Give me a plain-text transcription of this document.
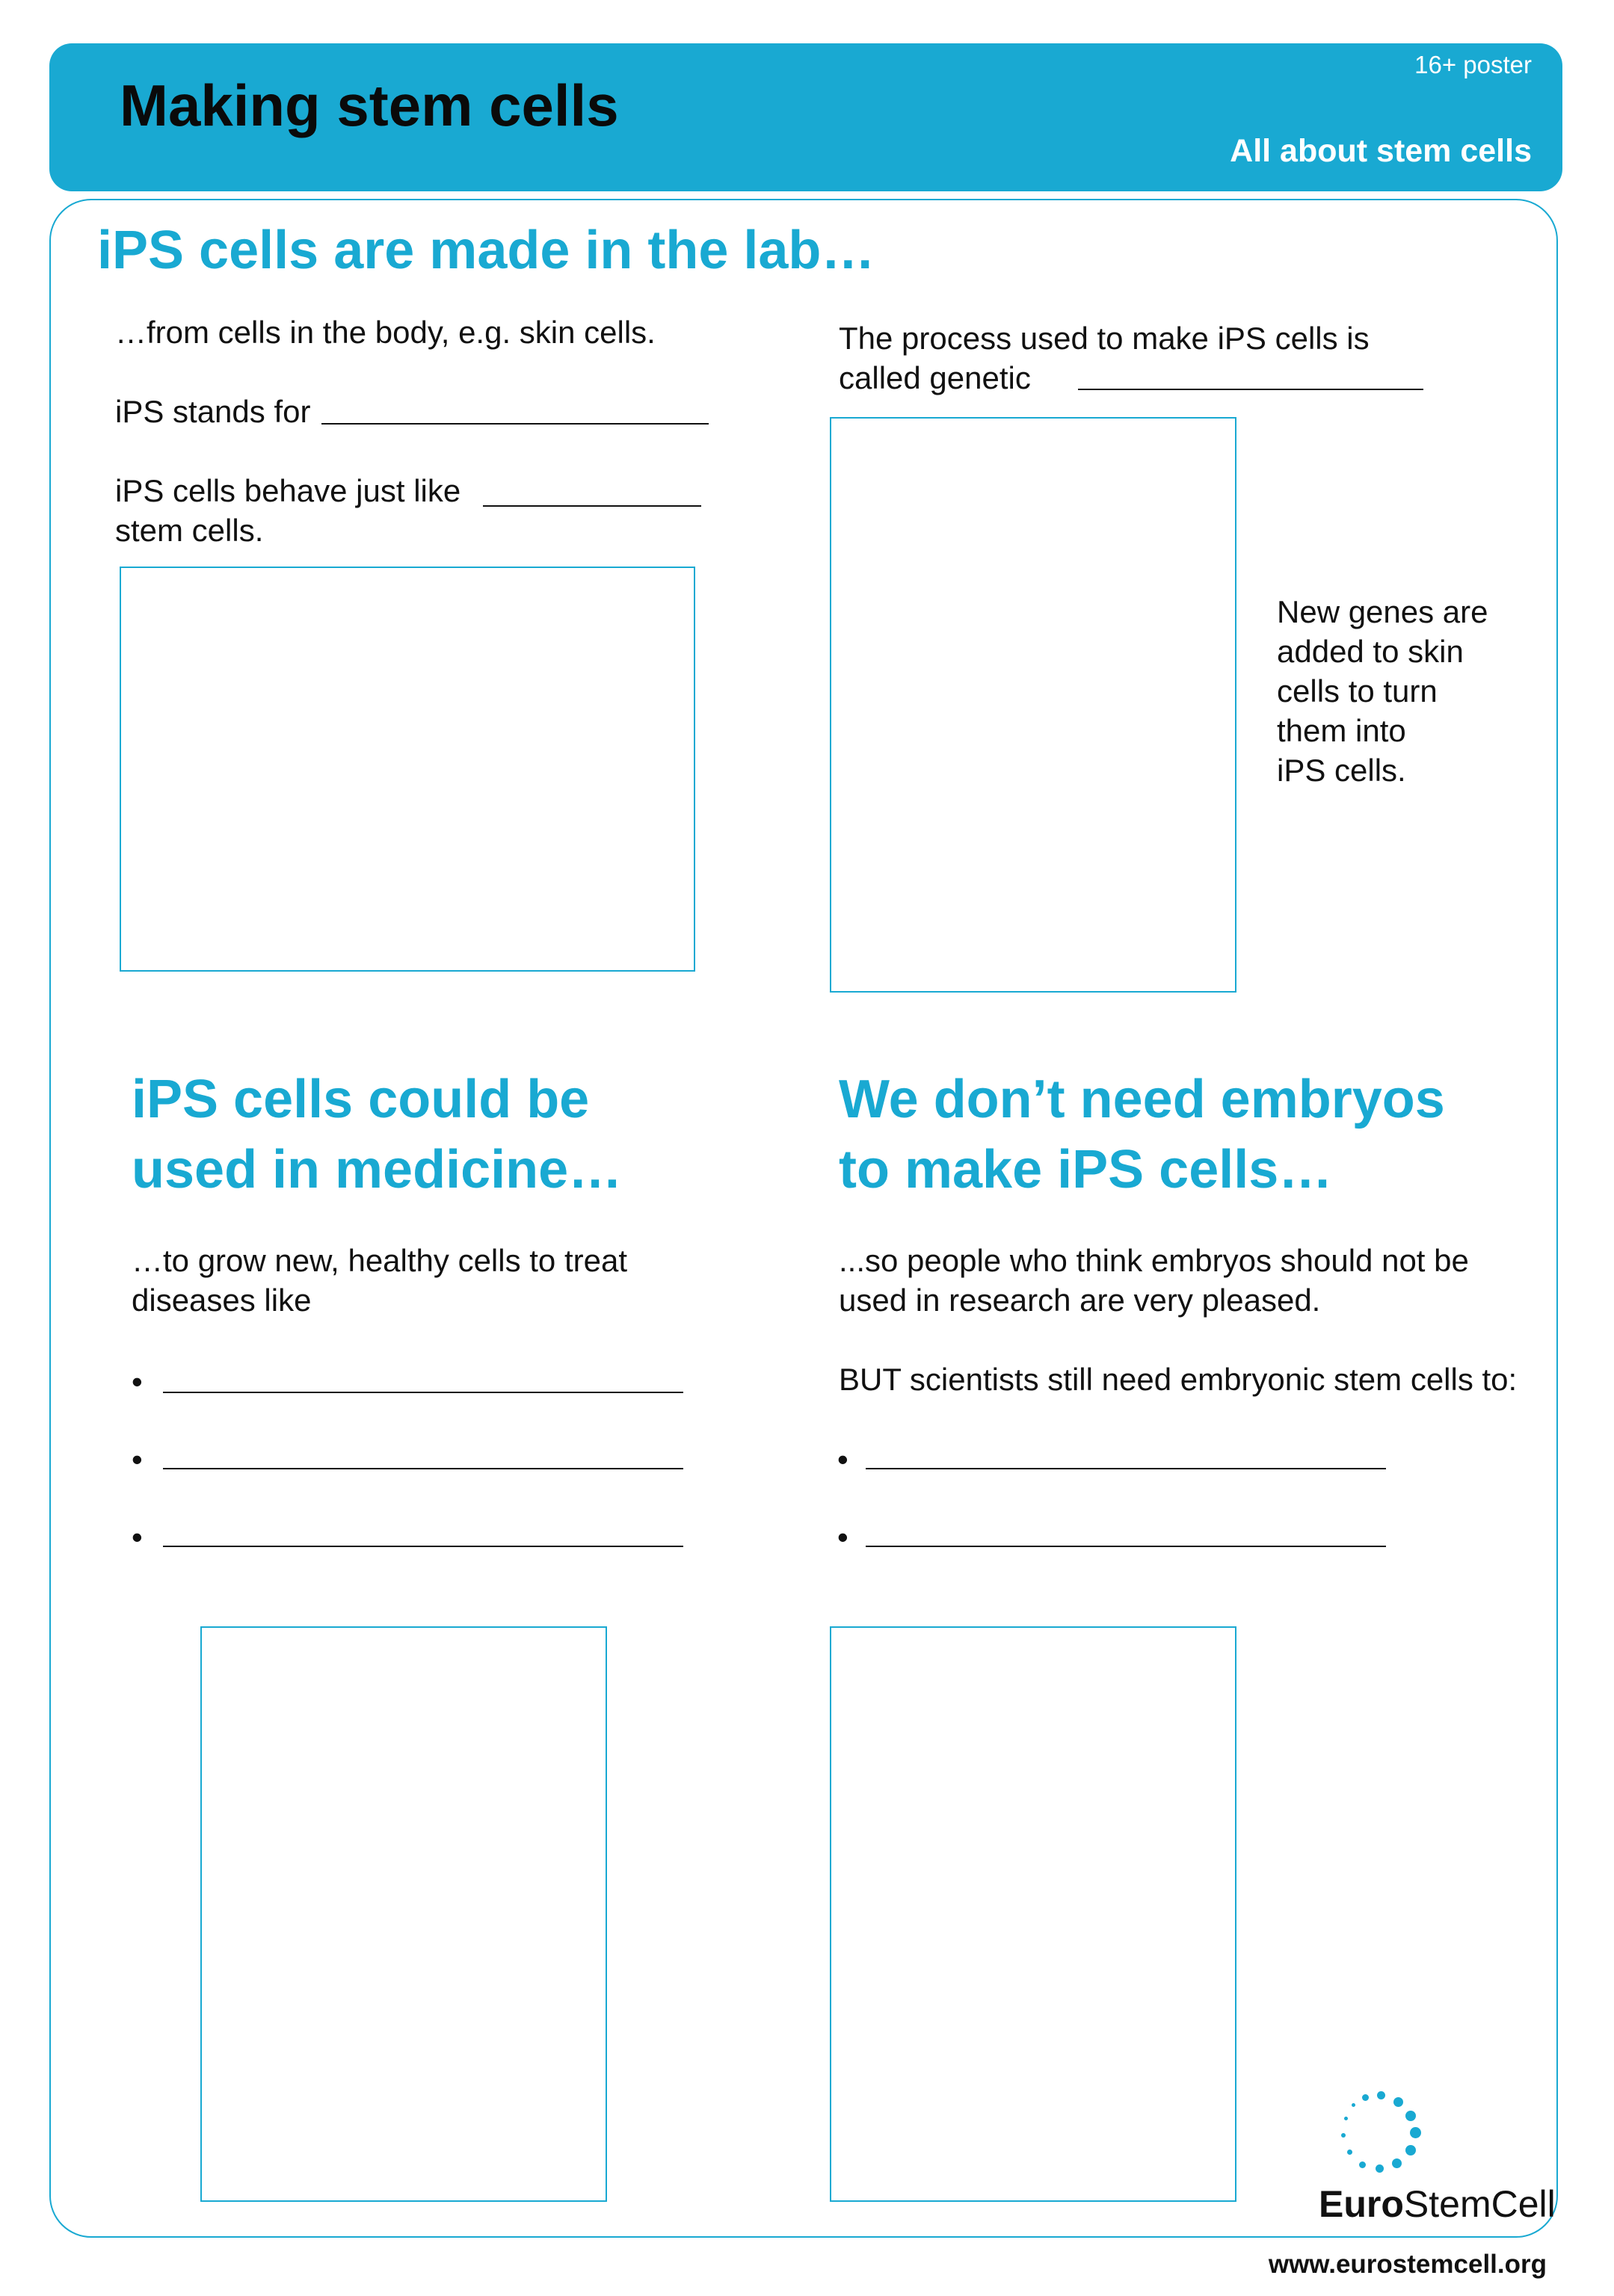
Making stem cells
16+ poster
All about stem cells
iPS cells are made in the lab…
…from cells in the body, e.g. skin cells.
iPS stands for
iPS cells behave just like
stem cells.
The process used to make iPS cells is
called genetic
New genes are
added to skin
cells to turn
them into
iPS cells.
iPS cells could be
used in medicine…
…to grow new, healthy cells to treat
diseases like
•
•
•
We don’t need embryos
to make iPS cells…
...so people who think embryos should not be
used in research are very pleased.
BUT scientists still need embryonic stem cells to:
•
•
EuroStemCell
www.eurostemcell.org
